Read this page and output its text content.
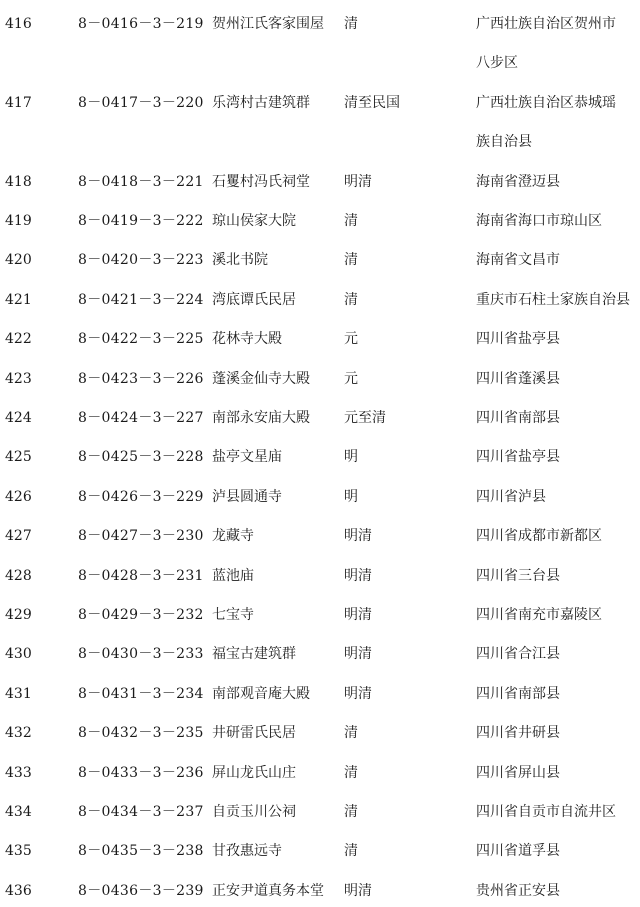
416	8－0416－3－219 贺州江氏客家围屋	清	广西壮族自治区贺州市
八步区
417	8－0417－3－220 乐湾村古建筑群	清至民国	广西壮族自治区恭城瑶
族自治县
418	8－0418－3－221 石矍村冯氏祠堂	明清	海南省澄迈县
419	8－0419－3－222 琼山侯家大院	清	海南省海口市琼山区
420	8－0420－3－223 溪北书院	清	海南省文昌市
421	8－0421－3－224 湾底谭氏民居	清	重庆市石柱土家族自治县
422	8－0422－3－225 花林寺大殿	元	四川省盐亭县
423	8－0423－3－226 蓬溪金仙寺大殿	元	四川省蓬溪县
424	8－0424－3－227 南部永安庙大殿	元至清	四川省南部县
425	8－0425－3－228 盐亭文星庙	明	四川省盐亭县
426	8－0426－3－229 泸县圆通寺	明	四川省泸县
427	8－0427－3－230 龙藏寺	明清	四川省成都市新都区
428	8－0428－3－231 蓝池庙	明清	四川省三台县
429	8－0429－3－232 七宝寺	明清	四川省南充市嘉陵区
430	8－0430－3－233 福宝古建筑群	明清	四川省合江县
431	8－0431－3－234 南部观音庵大殿	明清	四川省南部县
432	8－0432－3－235 井研雷氏民居	清	四川省井研县
433	8－0433－3－236 屏山龙氏山庄	清	四川省屏山县
434	8－0434－3－237 自贡玉川公祠	清	四川省自贡市自流井区
435	8－0435－3－238 甘孜惠远寺	清	四川省道孚县
436	8－0436－3－239 正安尹道真务本堂	明清	贵州省正安县
